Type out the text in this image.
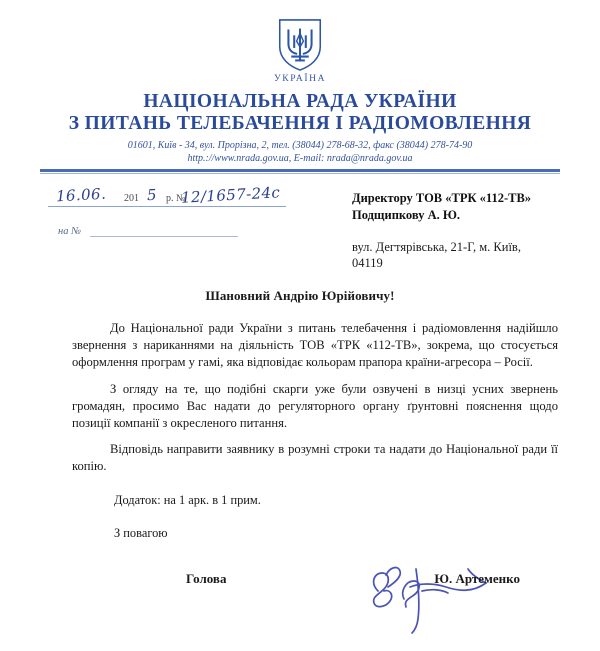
УКРАЇНА
НАЦІОНАЛЬНА РАДА УКРАЇНИ
З ПИТАНЬ ТЕЛЕБАЧЕННЯ І РАДІОМОВЛЕННЯ
01601, Київ - 34, вул. Прорізна, 2, тел. (38044) 278-68-32, факс (38044) 278-74-90
http.://www.nrada.gov.ua, E-mail: nrada@nrada.gov.ua
16.06. 201 5 р. №
12/1657-24с
на №
Директору ТОВ «ТРК «112-ТВ»
Подщипкову А. Ю.
вул. Дегтярівська, 21-Г, м. Київ,
04119
Шановний Андрію Юрійовичу!

До Національної ради України з питань телебачення і радіомовлення надійшло звернення з нариканнями на діяльність ТОВ «ТРК «112-ТВ», зокрема, що стосується оформлення програм у гамі, яка відповідає кольорам прапора країни-агресора – Росії.

З огляду на те, що подібні скарги уже були озвучені в низці усних звернень громадян, просимо Вас надати до регуляторного органу ґрунтовні пояснення щодо позиції компанії з окресленого питання.

Відповідь направити заявнику в розумні строки та надати до Національної ради її копію.

Додаток: на 1 арк. в 1 прим.
З повагою
Голова	Ю. Артеменко
